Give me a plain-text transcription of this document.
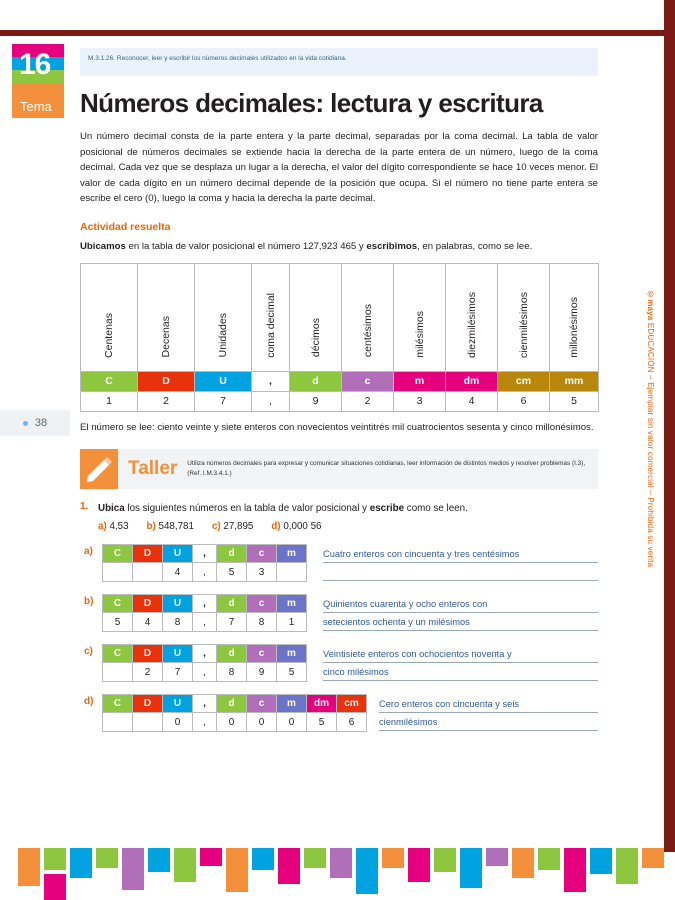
16
Tema
38
©maya EDUCACIÓN – Ejemplar sin valor comercial – Prohibida su venta
M.3.1.26. Reconocer, leer y escribir los números decimales utilizados en la vida cotidiana.
Números decimales: lectura y escritura

Un número decimal consta de la parte entera y la parte decimal, separadas por la coma decimal. La tabla de valor posicional de números decimales se extiende hacia la derecha de la parte entera de un número, luego de la coma decimal. Cada vez que se desplaza un lugar a la derecha, el valor del dígito correspondiente se hace 10 veces menor. El valor de cada dígito en un número decimal depende de la posición que ocupa. Si el número no tiene parte entera se escribe el cero (0), luego la coma y hacia la derecha la parte decimal.

Actividad resuelta

Ubicamos en la tabla de valor posicional el número 127,923 465 y escribimos, en palabras, como se lee.

Centenas	Decenas	Unidades	coma decimal	décimos	centésimos	milésimos	diezmilésimos	cienmilésimos	millonésimos
C	D	U	,	d	c	m	dm	cm	mm
1	2	7	,	9	2	3	4	6	5

El número se lee: ciento veinte y siete enteros con novecientos veintitrés mil cuatrocientos sesenta y cinco millonésimos.

Taller	Utiliza números decimales para expresar y comunicar situaciones cotidianas, leer información de distintos medios y resolver problemas (I.3), (Ref. I.M.3.4.1.)
1. Ubica los siguientes números en la tabla de valor posicional y escribe como se leen.
a) 4,53 b) 548,781 c) 27,895 d) 0,000 56
a)	C	D	U	,	d	c	m
		4	,	5	3	
Cuatro enteros con cincuenta y tres centésimos
b)	C	D	U	,	d	c	m
5	4	8	,	7	8	1
Quinientos cuarenta y ocho enteros con
setecientos ochenta y un milésimos
c)	C	D	U	,	d	c	m
	2	7	,	8	9	5
Veintisiete enteros con ochocientos noventa y
cinco milésimos
d)	C	D	U	,	d	c	m	dm	cm
		0	,	0	0	0	5	6
Cero enteros con cincuenta y seis
cienmilésimos
